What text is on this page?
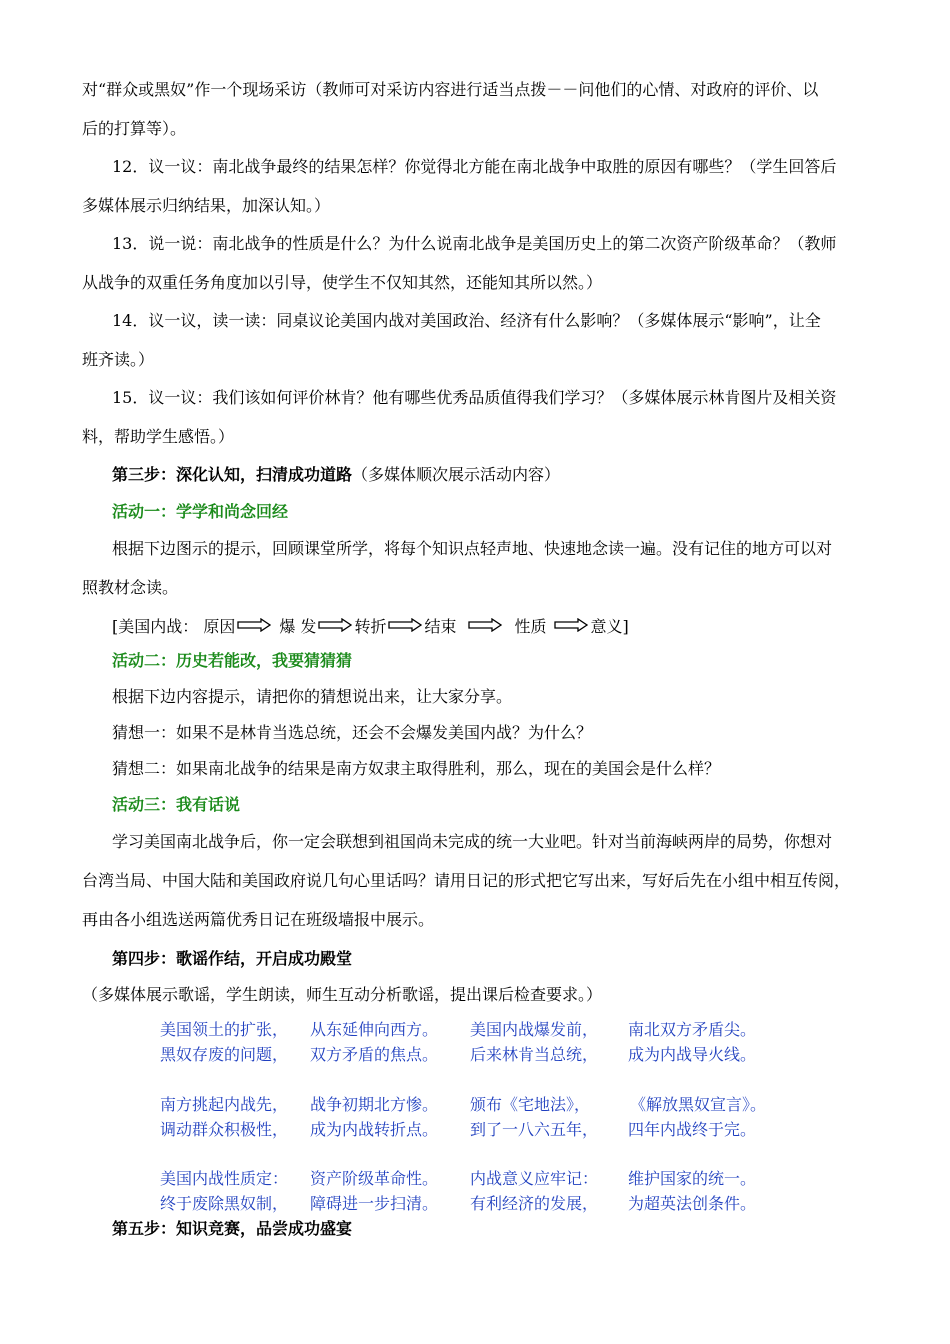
对“群众或黑奴”作一个现场采访（教师可对采访内容进行适当点拨－－问他们的心情、对政府的评价、以
后的打算等）。
12．议一议：南北战争最终的结果怎样？你觉得北方能在南北战争中取胜的原因有哪些？（学生回答后
多媒体展示归纳结果，加深认知。）
13．说一说：南北战争的性质是什么？为什么说南北战争是美国历史上的第二次资产阶级革命？（教师
从战争的双重任务角度加以引导，使学生不仅知其然，还能知其所以然。）
14．议一议，读一读：同桌议论美国内战对美国政治、经济有什么影响？（多媒体展示“影响”，让全
班齐读。）
15．议一议：我们该如何评价林肯？他有哪些优秀品质值得我们学习？（多媒体展示林肯图片及相关资
料，帮助学生感悟。）
第三步：深化认知，扫清成功道路（多媒体顺次展示活动内容）
活动一：学学和尚念回经
根据下边图示的提示，回顾课堂所学，将每个知识点轻声地、快速地念读一遍。没有记住的地方可以对
照教材念读。
[美国内战： 原因	爆 发 转折 结束	性质	意义]
活动二：历史若能改，我要猜猜猜
根据下边内容提示，请把你的猜想说出来，让大家分享。
猜想一：如果不是林肯当选总统，还会不会爆发美国内战？为什么？
猜想二：如果南北战争的结果是南方奴隶主取得胜利，那么，现在的美国会是什么样？
活动三：我有话说
学习美国南北战争后，你一定会联想到祖国尚未完成的统一大业吧。针对当前海峡两岸的局势，你想对
台湾当局、中国大陆和美国政府说几句心里话吗？请用日记的形式把它写出来，写好后先在小组中相互传阅，
再由各小组选送两篇优秀日记在班级墙报中展示。
第四步：歌谣作结，开启成功殿堂
（多媒体展示歌谣，学生朗读，师生互动分析歌谣，提出课后检查要求。）
美国领土的扩张， 从东延伸向西方。 美国内战爆发前， 南北双方矛盾尖。
黑奴存废的问题， 双方矛盾的焦点。 后来林肯当总统， 成为内战导火线。
南方挑起内战先， 战争初期北方惨。 颁布《宅地法》， 《解放黑奴宣言》。
调动群众积极性， 成为内战转折点。 到了一八六五年， 四年内战终于完。
美国内战性质定： 资产阶级革命性。 内战意义应牢记： 维护国家的统一。
终于废除黑奴制， 障碍进一步扫清。 有利经济的发展， 为超英法创条件。
第五步：知识竞赛，品尝成功盛宴
